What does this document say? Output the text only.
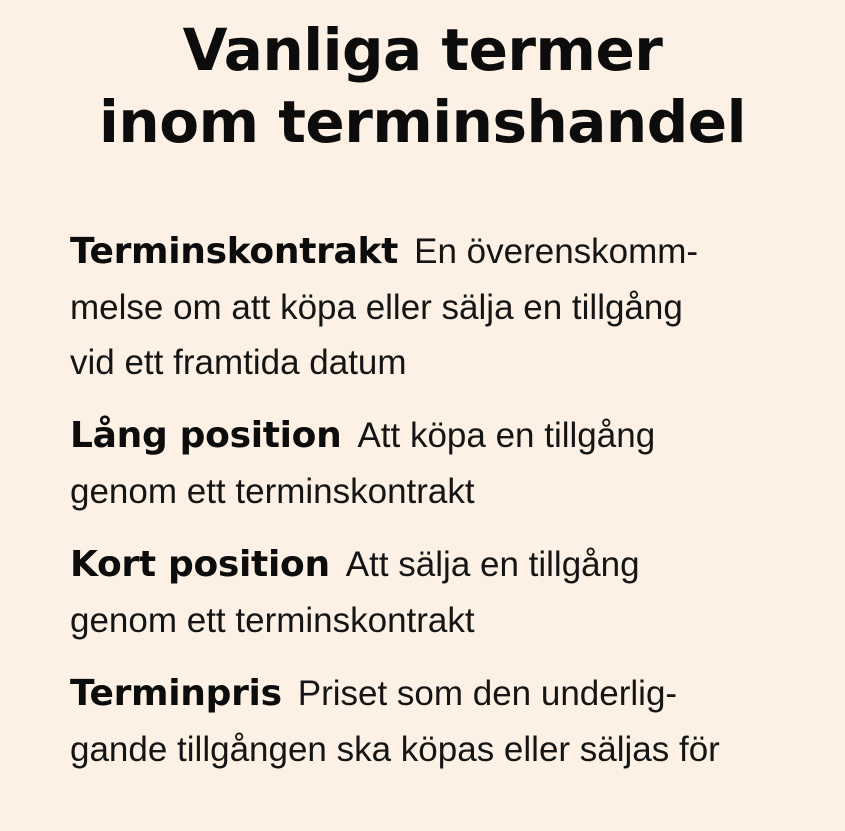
Vanliga termer
inom terminshandel

Terminskontrakt En överenskomm-
melse om att köpa eller sälja en tillgång
vid ett framtida datum

Lång position Att köpa en tillgång
genom ett terminskontrakt

Kort position Att sälja en tillgång
genom ett terminskontrakt

Terminpris Priset som den underlig-
gande tillgången ska köpas eller säljas för
